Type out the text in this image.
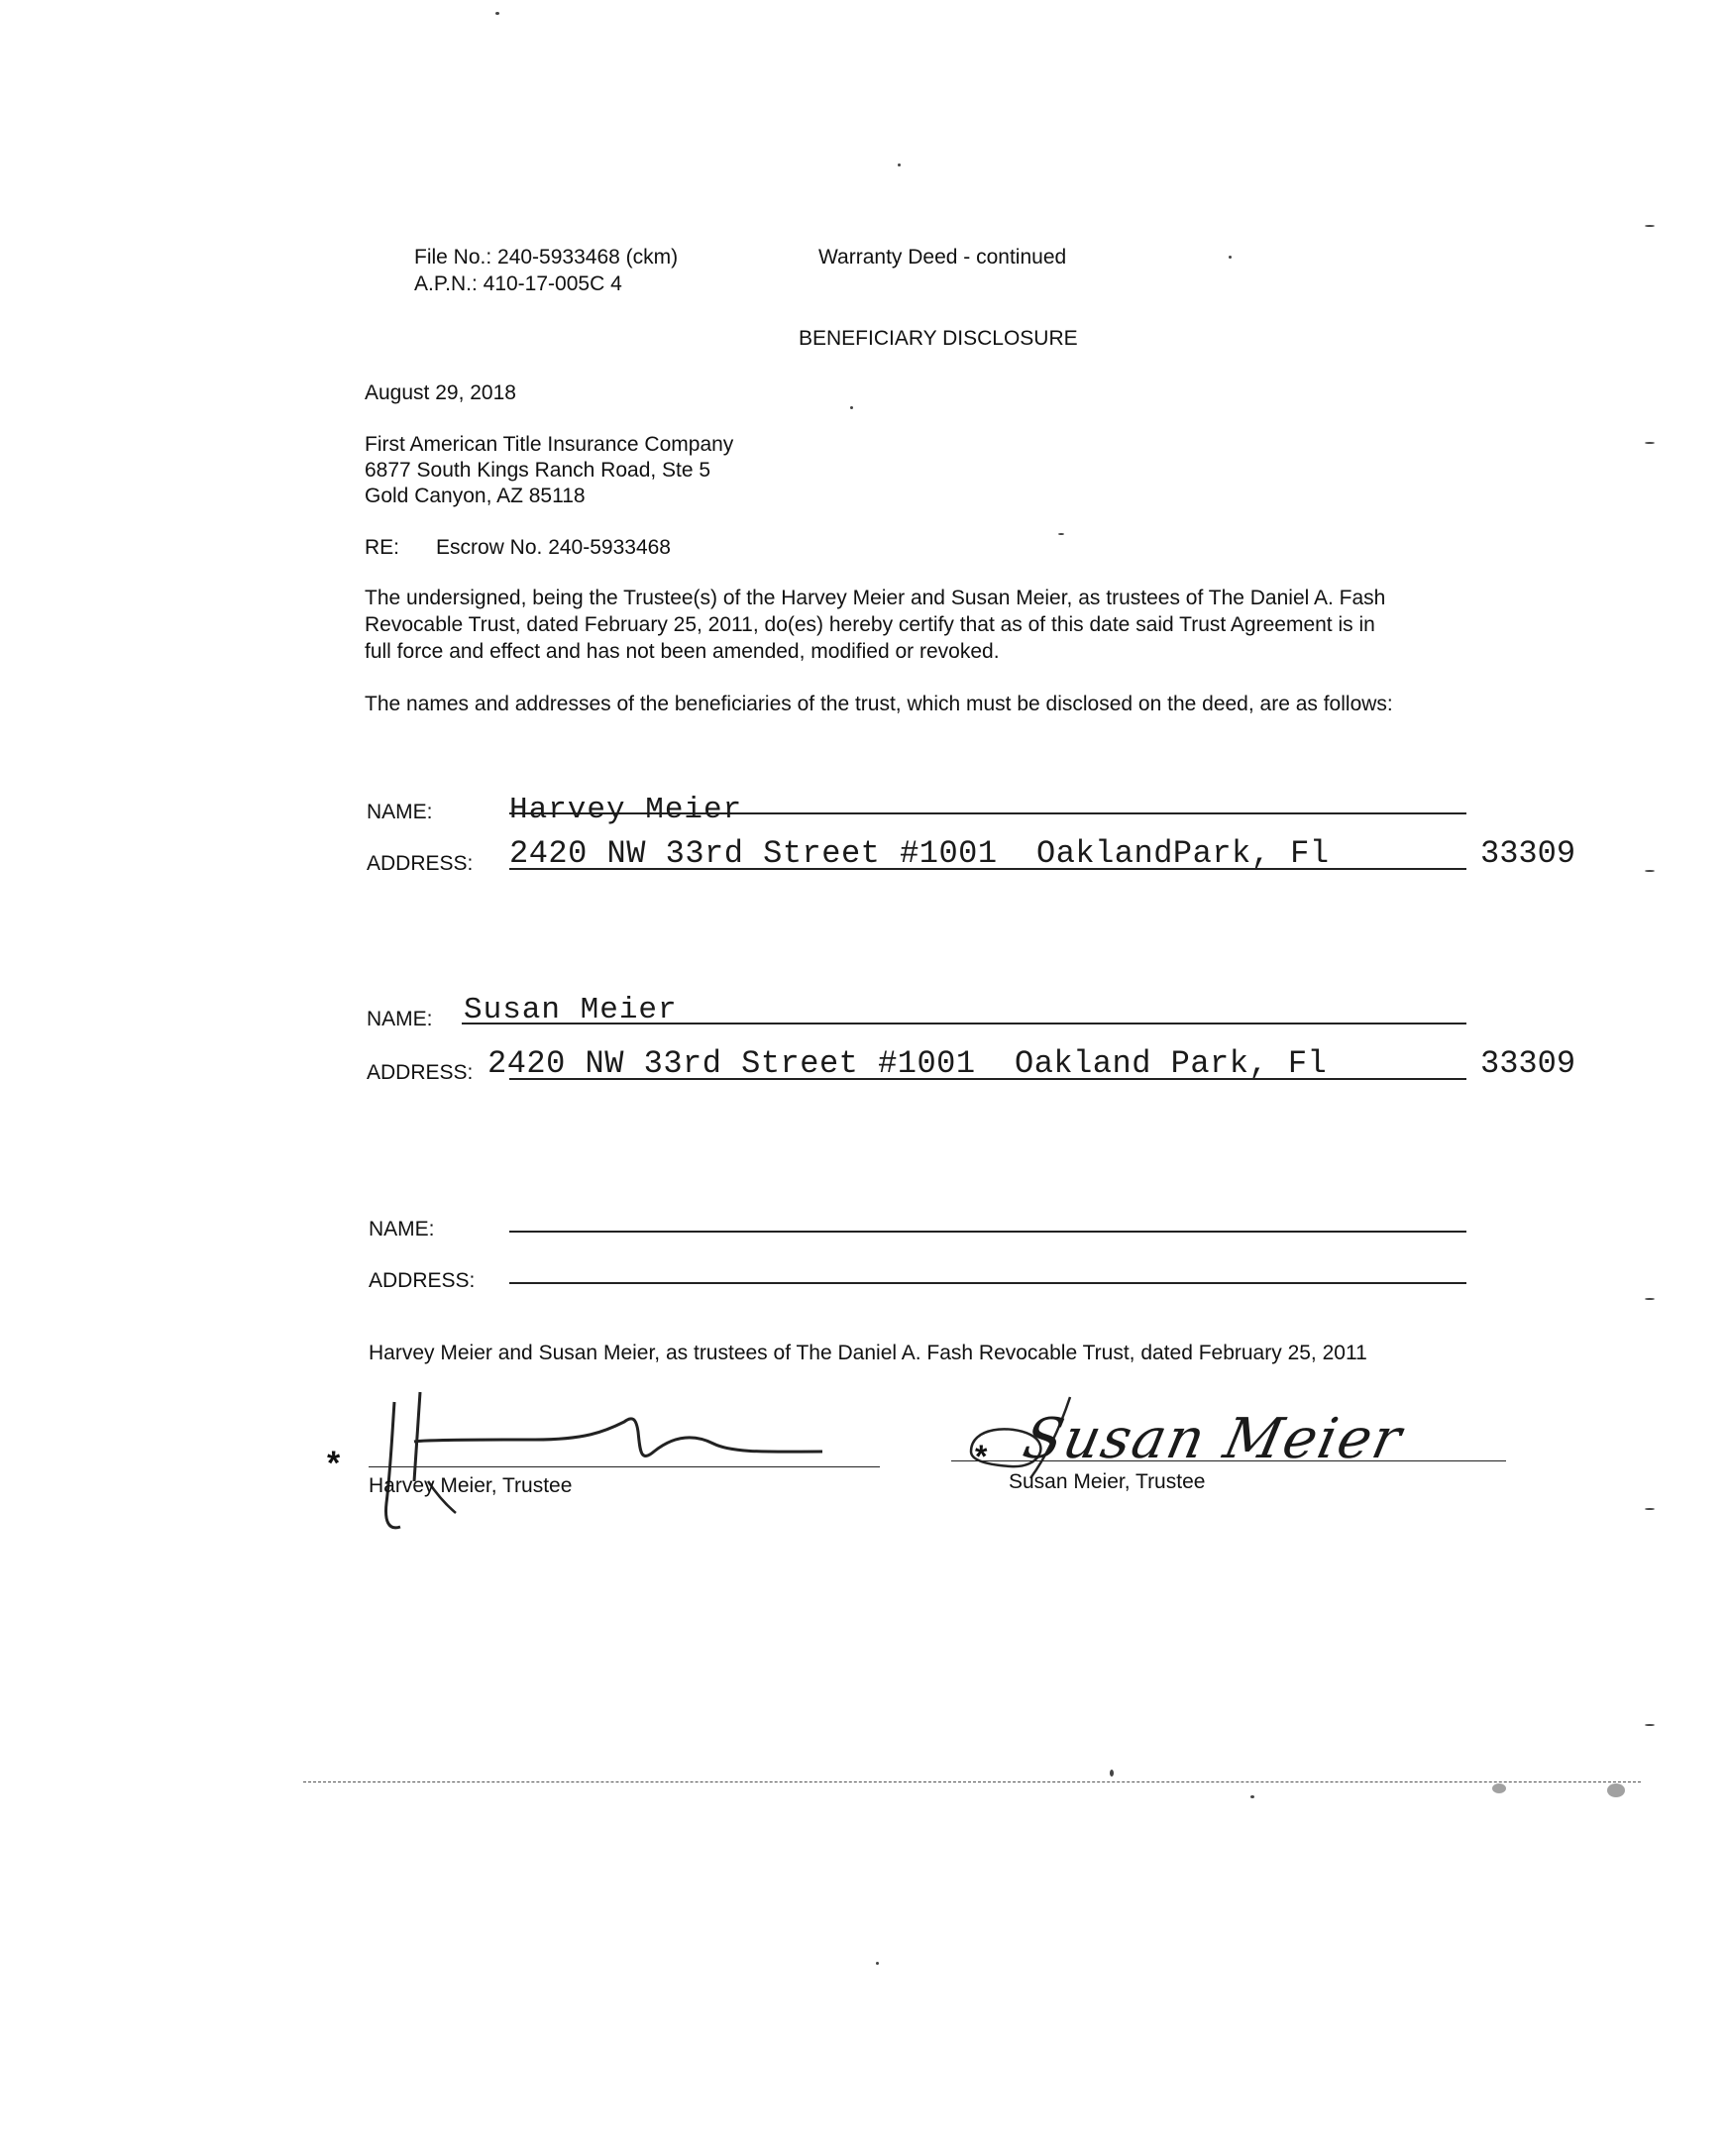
File No.: 240-5933468 (ckm)
A.P.N.: 410-17-005C 4
Warranty Deed - continued
BENEFICIARY DISCLOSURE
August 29, 2018
First American Title Insurance Company
6877 South Kings Ranch Road, Ste 5
Gold Canyon, AZ 85118
RE: Escrow No. 240-5933468
The undersigned, being the Trustee(s) of the Harvey Meier and Susan Meier, as trustees of The Daniel A. Fash
Revocable Trust, dated February 25, 2011, do(es) hereby certify that as of this date said Trust Agreement is in
full force and effect and has not been amended, modified or revoked.
The names and addresses of the beneficiaries of the trust, which must be disclosed on the deed, are as follows:
NAME: Harvey Meier
ADDRESS: 2420 NW 33rd Street #1001  OaklandPark, Fl	33309
NAME: Susan Meier
ADDRESS: 2420 NW 33rd Street #1001  Oakland Park, Fl	33309
NAME:
ADDRESS:
Harvey Meier and Susan Meier, as trustees of The Daniel A. Fash Revocable Trust, dated February 25, 2011
*
Harvey Meier, Trustee
* Susan Meier
Susan Meier, Trustee
